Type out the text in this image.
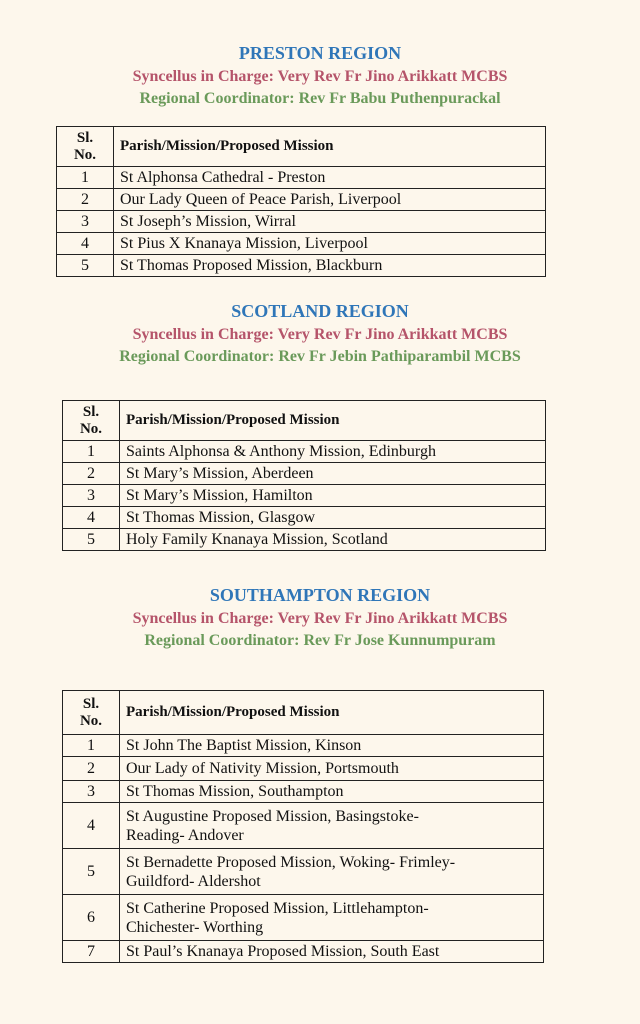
PRESTON REGION

Syncellus in Charge: Very Rev Fr Jino Arikkatt MCBS

Regional Coordinator: Rev Fr Babu Puthenpurackal

Sl.
No.	Parish/Mission/Proposed Mission
1	St Alphonsa Cathedral - Preston
2	Our Lady Queen of Peace Parish, Liverpool
3	St Joseph’s Mission, Wirral
4	St Pius X Knanaya Mission, Liverpool
5	St Thomas Proposed Mission, Blackburn
SCOTLAND REGION

Syncellus in Charge: Very Rev Fr Jino Arikkatt MCBS

Regional Coordinator: Rev Fr Jebin Pathiparambil MCBS

Sl.
No.	Parish/Mission/Proposed Mission
1	Saints Alphonsa & Anthony Mission, Edinburgh
2	St Mary’s Mission, Aberdeen
3	St Mary’s Mission, Hamilton
4	St Thomas Mission, Glasgow
5	Holy Family Knanaya Mission, Scotland
SOUTHAMPTON REGION

Syncellus in Charge: Very Rev Fr Jino Arikkatt MCBS

Regional Coordinator: Rev Fr Jose Kunnumpuram

Sl.
No.	Parish/Mission/Proposed Mission
1	St John The Baptist Mission, Kinson
2	Our Lady of Nativity Mission, Portsmouth
3	St Thomas Mission, Southampton
4	St Augustine Proposed Mission, Basingstoke-
Reading- Andover
5	St Bernadette Proposed Mission, Woking- Frimley-
Guildford- Aldershot
6	St Catherine Proposed Mission, Littlehampton-
Chichester- Worthing
7	St Paul’s Knanaya Proposed Mission, South East
